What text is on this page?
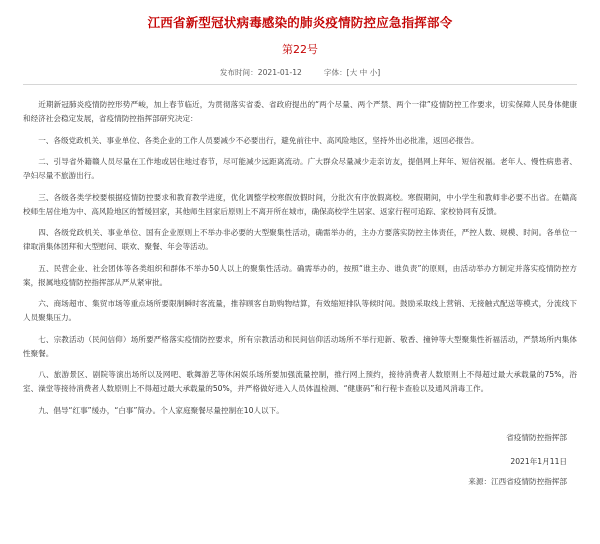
江西省新型冠状病毒感染的肺炎疫情防控应急指挥部令
第22号
发布时间：2021-01-12	字体：[大 中 小]

近期新冠肺炎疫情防控形势严峻，加上春节临近，为贯彻落实省委、省政府提出的“两个尽量、两个严禁、两个一律”疫情防控工作要求，切实保障人民身体健康和经济社会稳定发展，省疫情防控指挥部研究决定：

一、各级党政机关、事业单位、各类企业的工作人员要减少不必要出行，避免前往中、高风险地区，坚持外出必批准，返回必报告。

二、引导省外籍赣人员尽量在工作地或居住地过春节，尽可能减少远距离流动。广大群众尽量减少走亲访友，提倡网上拜年、短信祝福。老年人、慢性病患者、孕妇尽量不旅游出行。

三、各级各类学校要根据疫情防控要求和教育教学进度，优化调整学校寒假放假时间，分批次有序放假离校。寒假期间，中小学生和教师非必要不出省。在赣高校师生居住地为中、高风险地区的暂缓回家，其他师生回家后原则上不离开所在城市，确保高校学生居家、返家行程可追踪、家校协同有反馈。

四、各级党政机关、事业单位、国有企业原则上不举办非必要的大型聚集性活动，确需举办的，主办方要落实防控主体责任，严控人数、规模、时间。各单位一律取消集体团拜和大型慰问、联欢、聚餐、年会等活动。

五、民营企业、社会团体等各类组织和群体不举办50人以上的聚集性活动。确需举办的，按照“谁主办、谁负责”的原则，由活动举办方制定并落实疫情防控方案，报属地疫情防控指挥部从严从紧审批。

六、商场超市、集贸市场等重点场所要限制瞬时客流量，推荐顾客自助购物结算，有效缩短排队等候时间。鼓励采取线上营销、无接触式配送等模式，分流线下人员聚集压力。

七、宗教活动（民间信仰）场所要严格落实疫情防控要求，所有宗教活动和民间信仰活动场所不举行迎新、敬香、撞钟等大型聚集性祈福活动，严禁场所内集体性聚餐。

八、旅游景区、剧院等演出场所以及网吧、歌舞游艺等休闲娱乐场所要加强流量控制，推行网上预约，接待消费者人数原则上不得超过最大承载量的75%，浴室、澡堂等接待消费者人数原则上不得超过最大承载量的50%，并严格做好进入人员体温检测、“健康码”和行程卡查验以及通风消毒工作。

九、倡导“红事”缓办，“白事”简办。个人家庭聚餐尽量控制在10人以下。

省疫情防控指挥部
2021年1月11日
来源：江西省疫情防控指挥部
